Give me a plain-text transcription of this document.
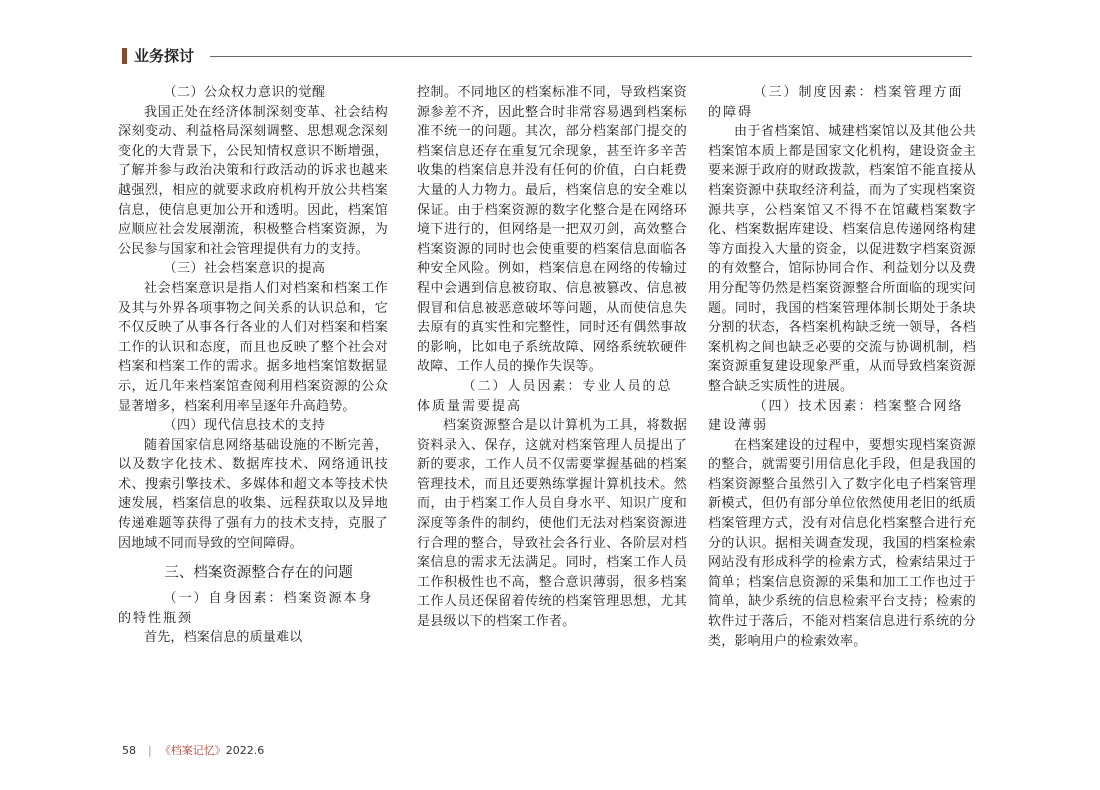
业务探讨

（二）公众权力意识的觉醒

我国正处在经济体制深刻变革、社会结构深刻变动、利益格局深刻调整、思想观念深刻变化的大背景下，公民知情权意识不断增强，了解并参与政治决策和行政活动的诉求也越来越强烈，相应的就要求政府机构开放公共档案信息，使信息更加公开和透明。因此，档案馆应顺应社会发展潮流，积极整合档案资源，为公民参与国家和社会管理提供有力的支持。

（三）社会档案意识的提高

社会档案意识是指人们对档案和档案工作及其与外界各项事物之间关系的认识总和，它不仅反映了从事各行各业的人们对档案和档案工作的认识和态度，而且也反映了整个社会对档案和档案工作的需求。据多地档案馆数据显示，近几年来档案馆查阅利用档案资源的公众显著增多，档案利用率呈逐年升高趋势。

（四）现代信息技术的支持

随着国家信息网络基础设施的不断完善，以及数字化技术、数据库技术、网络通讯技术、搜索引擎技术、多媒体和超文本等技术快速发展，档案信息的收集、远程获取以及异地传递难题等获得了强有力的技术支持，克服了因地域不同而导致的空间障碍。

三、档案资源整合存在的问题

（一）自身因素：档案资源本身的特性瓶颈

首先，档案信息的质量难以

控制。不同地区的档案标准不同，导致档案资源参差不齐，因此整合时非常容易遇到档案标准不统一的问题。其次，部分档案部门提交的档案信息还存在重复冗余现象，甚至许多辛苦收集的档案信息并没有任何的价值，白白耗费大量的人力物力。最后，档案信息的安全难以保证。由于档案资源的数字化整合是在网络环境下进行的，但网络是一把双刃剑，高效整合档案资源的同时也会使重要的档案信息面临各种安全风险。例如，档案信息在网络的传输过程中会遇到信息被窃取、信息被篡改、信息被假冒和信息被恶意破坏等问题，从而使信息失去原有的真实性和完整性，同时还有偶然事故的影响，比如电子系统故障、网络系统软硬件故障、工作人员的操作失误等。

（二）人员因素：专业人员的总体质量需要提高

档案资源整合是以计算机为工具，将数据资料录入、保存，这就对档案管理人员提出了新的要求，工作人员不仅需要掌握基础的档案管理技术，而且还要熟练掌握计算机技术。然而，由于档案工作人员自身水平、知识广度和深度等条件的制约，使他们无法对档案资源进行合理的整合，导致社会各行业、各阶层对档案信息的需求无法满足。同时，档案工作人员工作积极性也不高，整合意识薄弱，很多档案工作人员还保留着传统的档案管理思想，尤其是县级以下的档案工作者。

（三）制度因素：档案管理方面的障碍

由于省档案馆、城建档案馆以及其他公共档案馆本质上都是国家文化机构，建设资金主要来源于政府的财政拨款，档案馆不能直接从档案资源中获取经济利益，而为了实现档案资源共享，公档案馆又不得不在馆藏档案数字化、档案数据库建设、档案信息传递网络构建等方面投入大量的资金，以促进数字档案资源的有效整合，馆际协同合作、利益划分以及费用分配等仍然是档案资源整合所面临的现实问题。同时，我国的档案管理体制长期处于条块分割的状态，各档案机构缺乏统一领导，各档案机构之间也缺乏必要的交流与协调机制，档案资源重复建设现象严重，从而导致档案资源整合缺乏实质性的进展。

（四）技术因素：档案整合网络建设薄弱

在档案建设的过程中，要想实现档案资源的整合，就需要引用信息化手段，但是我国的档案资源整合虽然引入了数字化电子档案管理新模式，但仍有部分单位依然使用老旧的纸质档案管理方式，没有对信息化档案整合进行充分的认识。据相关调查发现，我国的档案检索网站没有形成科学的检索方式，检索结果过于简单；档案信息资源的采集和加工工作也过于简单，缺少系统的信息检索平台支持；检索的软件过于落后，不能对档案信息进行系统的分类，影响用户的检索效率。

58 | 《档案记忆》2022.6
